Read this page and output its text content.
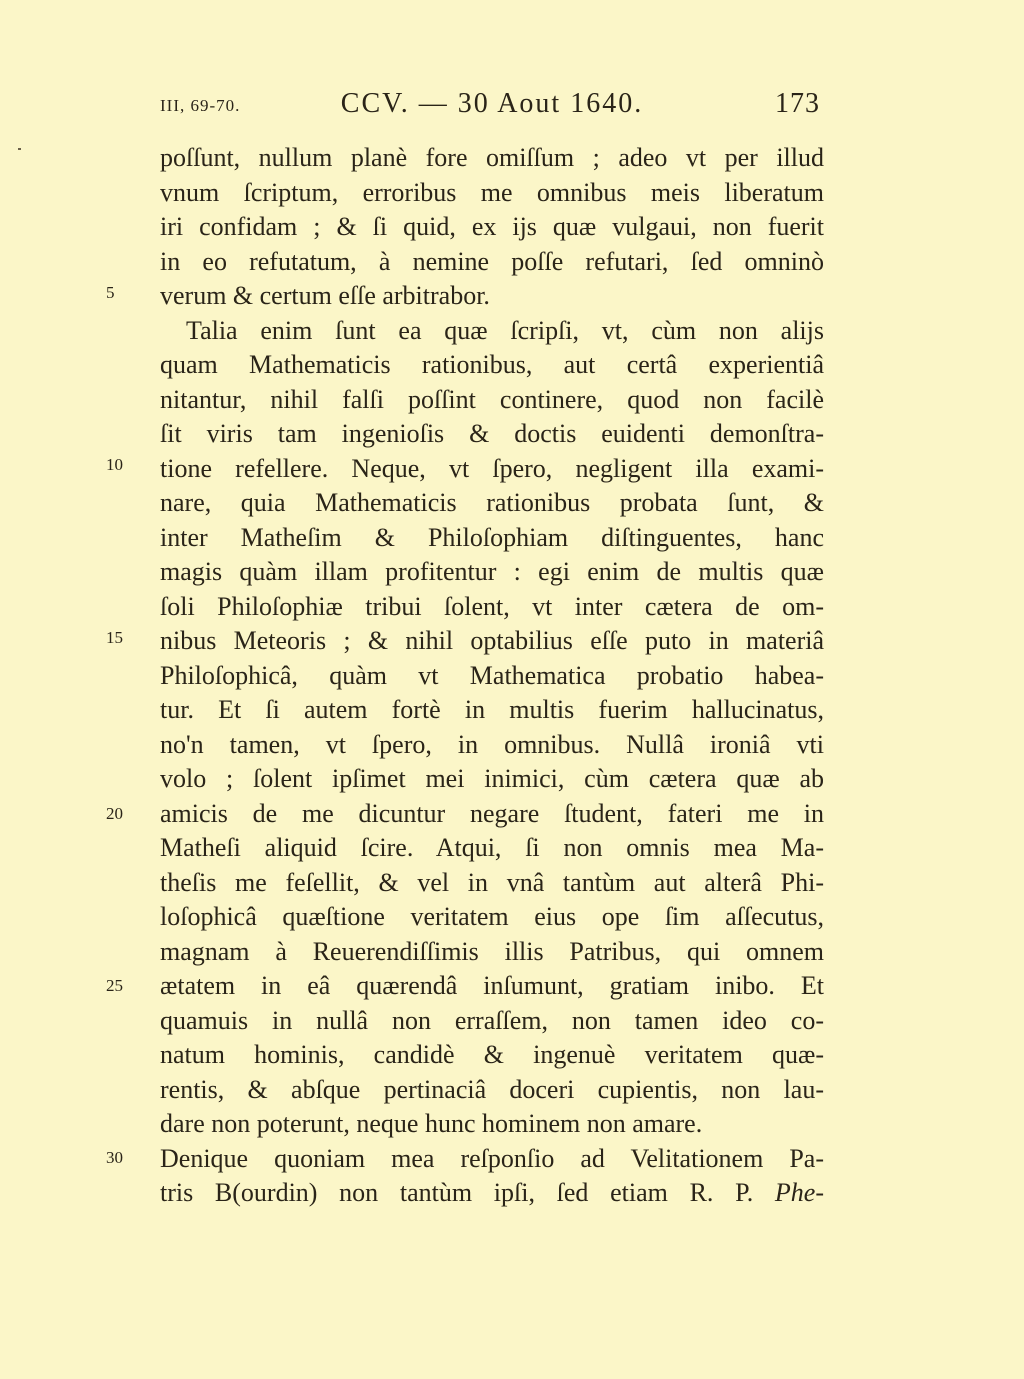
III, 69-70.	CCV. — 30 Aout 1640.	173
5
10
15
20
25
30
poſſunt, nullum planè fore omiſſum ; adeo vt per illud
vnum ſcriptum, erroribus me omnibus meis liberatum
iri confidam ; & ſi quid, ex ijs quæ vulgaui, non fuerit
in eo refutatum, à nemine poſſe refutari, ſed omninò
verum & certum eſſe arbitrabor.
Talia enim ſunt ea quæ ſcripſi, vt, cùm non alijs
quam Mathematicis rationibus, aut certâ experientiâ
nitantur, nihil falſi poſſint continere, quod non facilè
ſit viris tam ingenioſis & doctis euidenti demonſtra-
tione refellere. Neque, vt ſpero, negligent illa exami-
nare, quia Mathematicis rationibus probata ſunt, &
inter Matheſim & Philoſophiam diſtinguentes, hanc
magis quàm illam profitentur : egi enim de multis quæ
ſoli Philoſophiæ tribui ſolent, vt inter cætera de om-
nibus Meteoris ; & nihil optabilius eſſe puto in materiâ
Philoſophicâ, quàm vt Mathematica probatio habea-
tur. Et ſi autem fortè in multis fuerim hallucinatus,
no'n tamen, vt ſpero, in omnibus. Nullâ ironiâ vti
volo ; ſolent ipſimet mei inimici, cùm cætera quæ ab
amicis de me dicuntur negare ſtudent, fateri me in
Matheſi aliquid ſcire. Atqui, ſi non omnis mea Ma-
theſis me feſellit, & vel in vnâ tantùm aut alterâ Phi-
loſophicâ quæſtione veritatem eius ope ſim aſſecutus,
magnam à Reuerendiſſimis illis Patribus, qui omnem
ætatem in eâ quærendâ inſumunt, gratiam inibo. Et
quamuis in nullâ non erraſſem, non tamen ideo co-
natum hominis, candidè & ingenuè veritatem quæ-
rentis, & abſque pertinaciâ doceri cupientis, non lau-
dare non poterunt, neque hunc hominem non amare.
Denique quoniam mea reſponſio ad Velitationem Pa-
tris B(ourdin) non tantùm ipſi, ſed etiam R. P. Phe-
